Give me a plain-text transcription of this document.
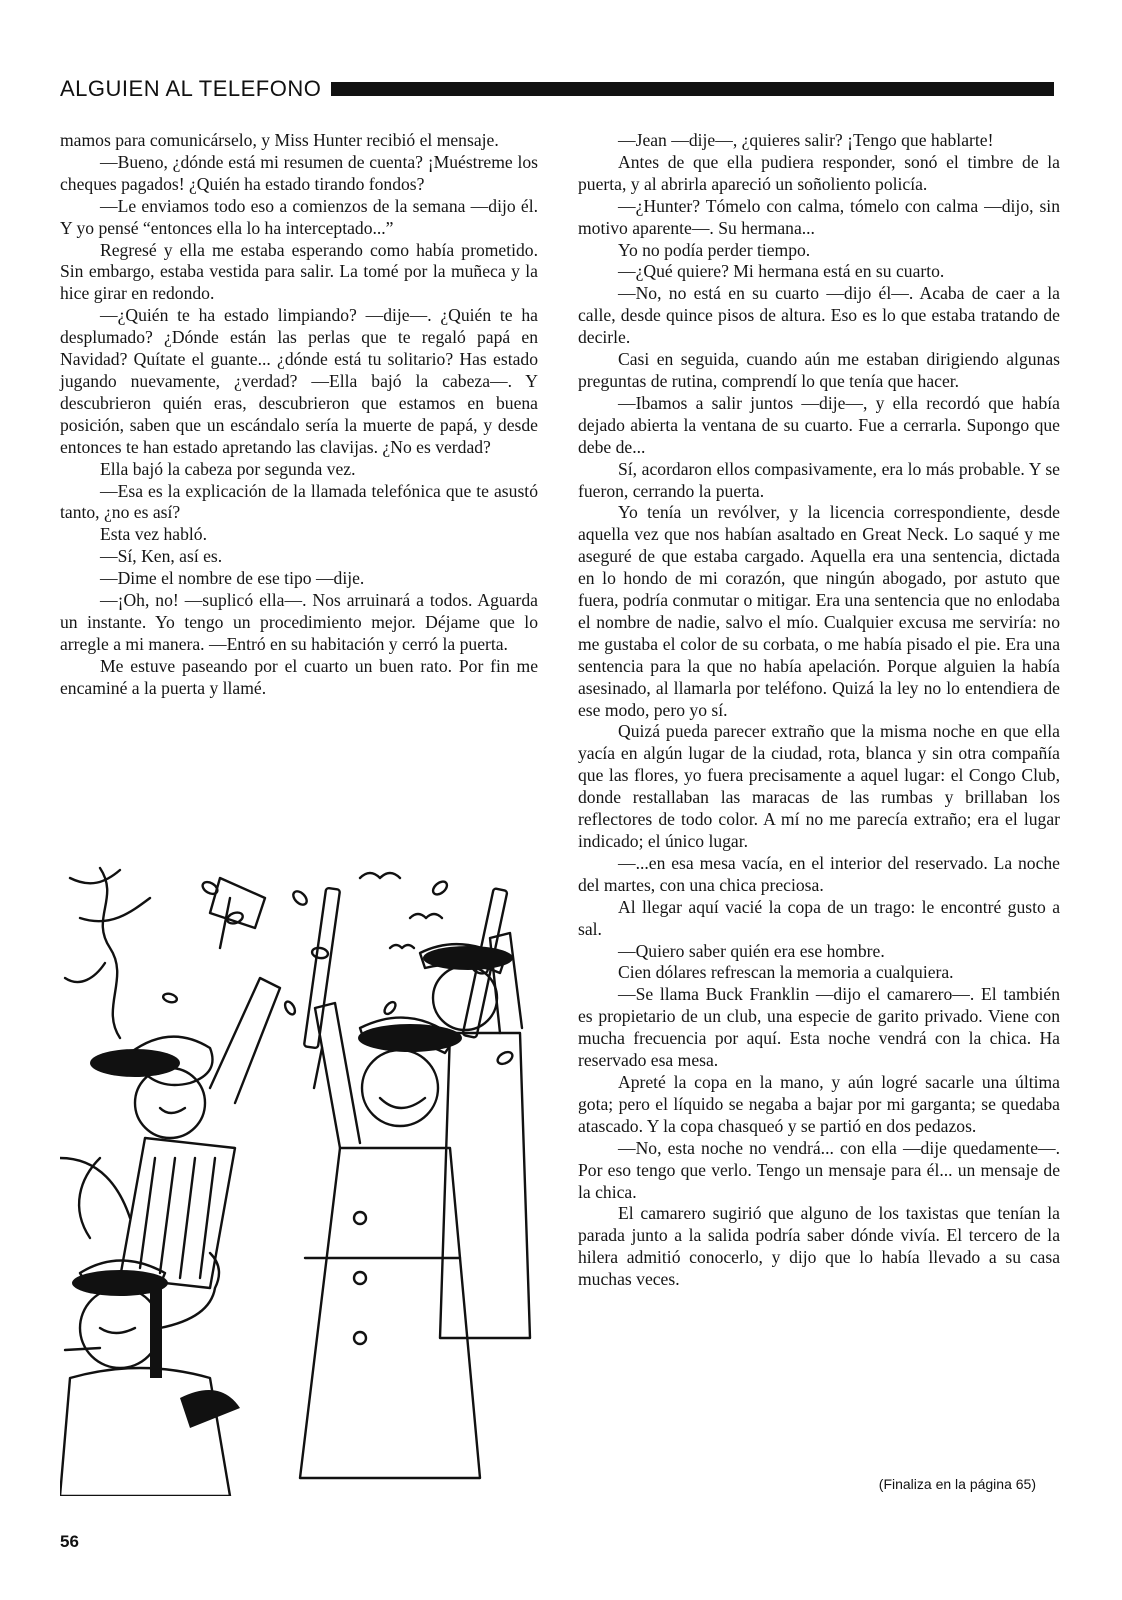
ALGUIEN AL TELEFONO

mamos para comunicárselo, y Miss Hunter recibió el mensaje.

—Bueno, ¿dónde está mi resumen de cuenta? ¡Muéstreme los cheques pagados! ¿Quién ha estado tirando fondos?

—Le enviamos todo eso a comienzos de la semana —dijo él. Y yo pensé “entonces ella lo ha interceptado...”

Regresé y ella me estaba esperando como había prometido. Sin embargo, estaba vestida para salir. La tomé por la muñeca y la hice girar en redondo.

—¿Quién te ha estado limpiando? —dije—. ¿Quién te ha desplumado? ¿Dónde están las perlas que te regaló papá en Navidad? Quítate el guante... ¿dónde está tu solitario? Has estado jugando nuevamente, ¿verdad? —Ella bajó la cabeza—. Y descubrieron quién eras, descubrieron que estamos en buena posición, saben que un escándalo sería la muerte de papá, y desde entonces te han estado apretando las clavijas. ¿No es verdad?

Ella bajó la cabeza por segunda vez.

—Esa es la explicación de la llamada telefónica que te asustó tanto, ¿no es así?

Esta vez habló.

—Sí, Ken, así es.

—Dime el nombre de ese tipo —dije.

—¡Oh, no! —suplicó ella—. Nos arruinará a todos. Aguarda un instante. Yo tengo un procedimiento mejor. Déjame que lo arregle a mi manera. —Entró en su habitación y cerró la puerta.

Me estuve paseando por el cuarto un buen rato. Por fin me encaminé a la puerta y llamé.

—Jean —dije—, ¿quieres salir? ¡Tengo que hablarte!

Antes de que ella pudiera responder, sonó el timbre de la puerta, y al abrirla apareció un soñoliento policía.

—¿Hunter? Tómelo con calma, tómelo con calma —dijo, sin motivo aparente—. Su hermana...

Yo no podía perder tiempo.

—¿Qué quiere? Mi hermana está en su cuarto.

—No, no está en su cuarto —dijo él—. Acaba de caer a la calle, desde quince pisos de altura. Eso es lo que estaba tratando de decirle.

Casi en seguida, cuando aún me estaban dirigiendo algunas preguntas de rutina, comprendí lo que tenía que hacer.

—Ibamos a salir juntos —dije—, y ella recordó que había dejado abierta la ventana de su cuarto. Fue a cerrarla. Supongo que debe de...

Sí, acordaron ellos compasivamente, era lo más probable. Y se fueron, cerrando la puerta.

Yo tenía un revólver, y la licencia correspondiente, desde aquella vez que nos habían asaltado en Great Neck. Lo saqué y me aseguré de que estaba cargado. Aquella era una sentencia, dictada en lo hondo de mi corazón, que ningún abogado, por astuto que fuera, podría conmutar o mitigar. Era una sentencia que no enlodaba el nombre de nadie, salvo el mío. Cualquier excusa me serviría: no me gustaba el color de su corbata, o me había pisado el pie. Era una sentencia para la que no había apelación. Porque alguien la había asesinado, al llamarla por teléfono. Quizá la ley no lo entendiera de ese modo, pero yo sí.

Quizá pueda parecer extraño que la misma noche en que ella yacía en algún lugar de la ciudad, rota, blanca y sin otra compañía que las flores, yo fuera precisamente a aquel lugar: el Congo Club, donde restallaban las maracas de las rumbas y brillaban los reflectores de todo color. A mí no me parecía extraño; era el lugar indicado; el único lugar.

—...en esa mesa vacía, en el interior del reservado. La noche del martes, con una chica preciosa.

Al llegar aquí vacié la copa de un trago: le encontré gusto a sal.

—Quiero saber quién era ese hombre.

Cien dólares refrescan la memoria a cualquiera.

—Se llama Buck Franklin —dijo el camarero—. El también es propietario de un club, una especie de garito privado. Viene con mucha frecuencia por aquí. Esta noche vendrá con la chica. Ha reservado esa mesa.

Apreté la copa en la mano, y aún logré sacarle una última gota; pero el líquido se negaba a bajar por mi garganta; se quedaba atascado. Y la copa chasqueó y se partió en dos pedazos.

—No, esta noche no vendrá... con ella —dije quedamente—. Por eso tengo que verlo. Tengo un mensaje para él... un mensaje de la chica.

El camarero sugirió que alguno de los taxistas que tenían la parada junto a la salida podría saber dónde vivía. El tercero de la hilera admitió conocerlo, y dijo que lo había llevado a su casa muchas veces.

(Finaliza en la página 65)
56
